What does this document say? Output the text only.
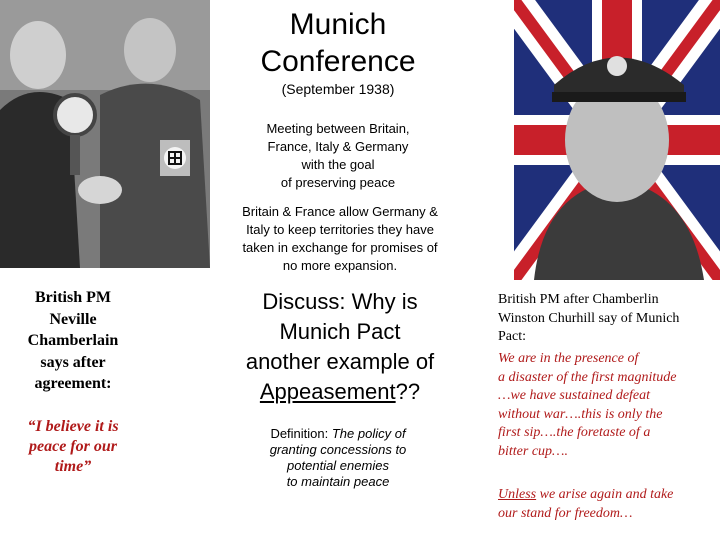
Munich
Conference
(September 1938)
Meeting between Britain,
France, Italy & Germany
with the goal
of preserving peace
Britain & France allow Germany &
Italy to keep territories they have
taken in exchange for promises of
no more expansion.
Discuss: Why is
Munich Pact
another example of
Appeasement??
Definition: The policy of
granting concessions to
potential enemies
to maintain peace
British PM
Neville
Chamberlain
says after
agreement:
“I believe it is
peace for our
time”
British PM after Chamberlin
Winston Churhill say of Munich
Pact:
We are in the presence of
a disaster of the first magnitude
…we have sustained defeat
without war….this is only the
first sip….the foretaste of a
bitter cup….
Unless we arise again and take
our stand for freedom…
